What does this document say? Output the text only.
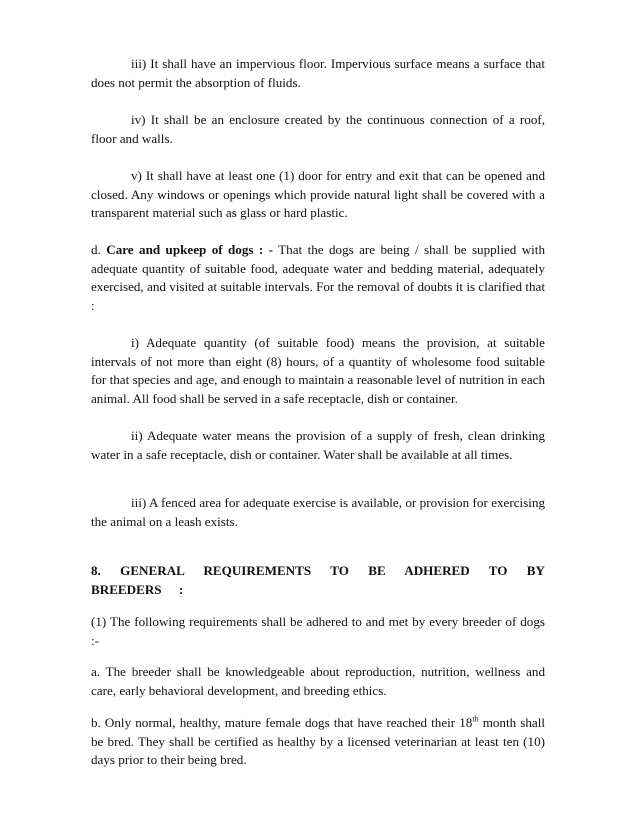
iii) It shall have an impervious floor. Impervious surface means a surface that does not permit the absorption of fluids.

iv) It shall be an enclosure created by the continuous connection of a roof, floor and walls.

v) It shall have at least one (1) door for entry and exit that can be opened and closed. Any windows or openings which provide natural light shall be covered with a transparent material such as glass or hard plastic.

d. Care and upkeep of dogs : - That the dogs are being / shall be supplied with adequate quantity of suitable food, adequate water and bedding material, adequately exercised, and visited at suitable intervals. For the removal of doubts it is clarified that :

i) Adequate quantity (of suitable food) means the provision, at suitable intervals of not more than eight (8) hours, of a quantity of wholesome food suitable for that species and age, and enough to maintain a reasonable level of nutrition in each animal. All food shall be served in a safe receptacle, dish or container.

ii) Adequate water means the provision of a supply of fresh, clean drinking water in a safe receptacle, dish or container. Water shall be available at all times.

iii) A fenced area for adequate exercise is available, or provision for exercising the animal on a leash exists.

8. GENERAL REQUIREMENTS TO BE ADHERED TO BY BREEDERS :

(1) The following requirements shall be adhered to and met by every breeder of dogs :-

a. The breeder shall be knowledgeable about reproduction, nutrition, wellness and care, early behavioral development, and breeding ethics.

b. Only normal, healthy, mature female dogs that have reached their 18th month shall be bred. They shall be certified as healthy by a licensed veterinarian at least ten (10) days prior to their being bred.
